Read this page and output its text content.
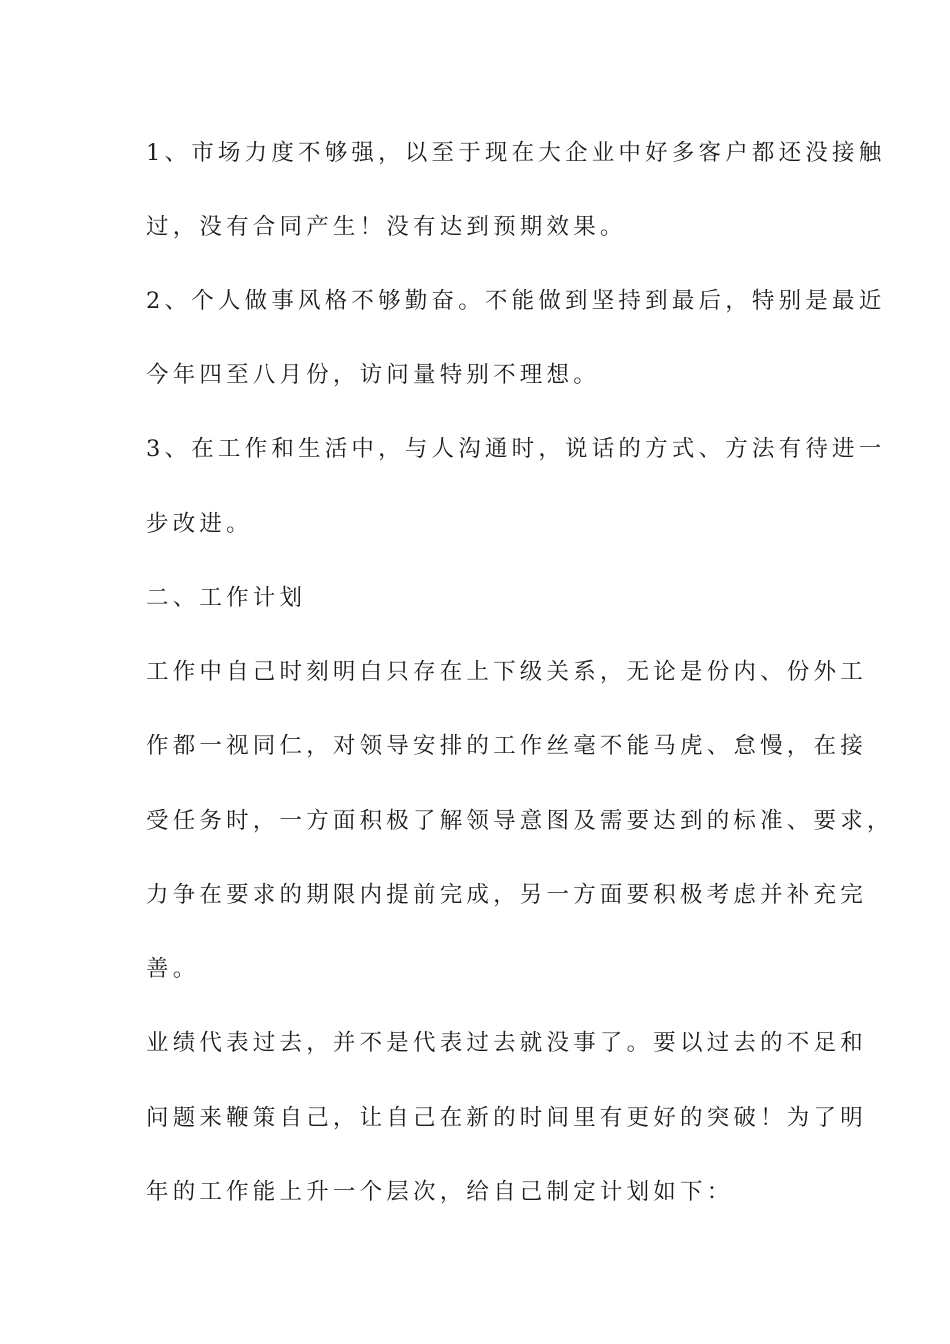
1、市场力度不够强，以至于现在大企业中好多客户都还没接触
过，没有合同产生！没有达到预期效果。
2、个人做事风格不够勤奋。不能做到坚持到最后，特别是最近
今年四至八月份，访问量特别不理想。
3、在工作和生活中，与人沟通时，说话的方式、方法有待进一
步改进。
二、工作计划
工作中自己时刻明白只存在上下级关系，无论是份内、份外工
作都一视同仁，对领导安排的工作丝毫不能马虎、怠慢，在接
受任务时，一方面积极了解领导意图及需要达到的标准、要求，
力争在要求的期限内提前完成，另一方面要积极考虑并补充完
善。
业绩代表过去，并不是代表过去就没事了。要以过去的不足和
问题来鞭策自己，让自己在新的时间里有更好的突破！为了明
年的工作能上升一个层次，给自己制定计划如下：
